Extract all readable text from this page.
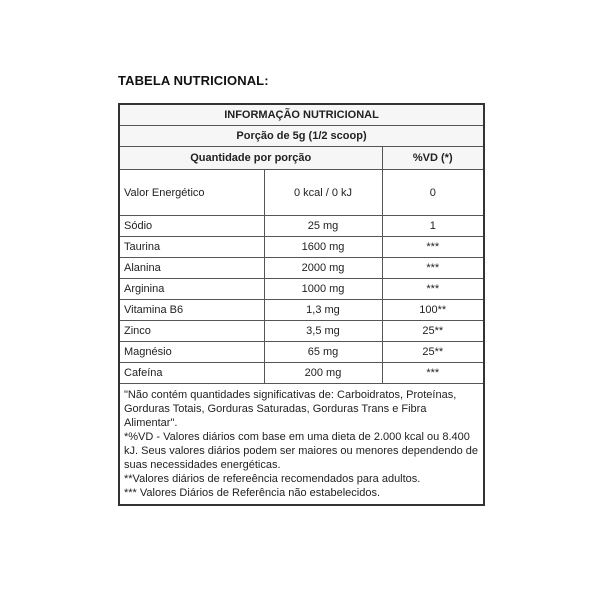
TABELA NUTRICIONAL:
INFORMAÇÃO NUTRICIONAL		
Porção de 5g (1/2 scoop)		
Quantidade por porção		%VD (*)
Valor Energético	0 kcal / 0 kJ	0
Sódio	25 mg	1
Taurina	1600 mg	***
Alanina	2000 mg	***
Arginina	1000 mg	***
Vitamina B6	1,3 mg	100**
Zinco	3,5 mg	25**
Magnésio	65 mg	25**
Cafeína	200 mg	***

"Não contém quantidades significativas de: Carboidratos, Proteínas, Gorduras Totais, Gorduras Saturadas, Gorduras Trans e Fibra Alimentar".

*%VD - Valores diários com base em uma dieta de 2.000 kcal ou 8.400 kJ. Seus valores diários podem ser maiores ou menores dependendo de suas necessidades energéticas.

**Valores diários de refereência recomendados para adultos.

*** Valores Diários de Referência não estabelecidos.		
